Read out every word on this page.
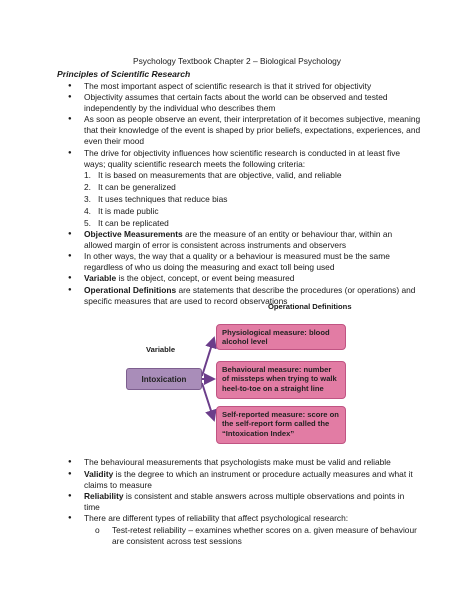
Psychology Textbook Chapter 2 – Biological Psychology
Principles of Scientific Research
● The most important aspect of scientific research is that it strived for objectivity
● Objectivity assumes that certain facts about the world can be observed and tested independently by the individual who describes them
● As soon as people observe an event, their interpretation of it becomes subjective, meaning that their knowledge of the event is shaped by prior beliefs, expectations, experiences, and even their mood
● The drive for objectivity influences how scientific research is conducted in at least five ways; quality scientific research meets the following criteria:
1. It is based on measurements that are objective, valid, and reliable
2. It can be generalized
3. It uses techniques that reduce bias
4. It is made public
5. It can be replicated
● Objective Measurements are the measure of an entity or behaviour thar, within an allowed margin of error is consistent across instruments and observers
● In other ways, the way that a quality or a behaviour is measured must be the same regardless of who us doing the measuring and exact toll being used
● Variable is the object, concept, or event being measured
● Operational Definitions are statements that describe the procedures (or operations) and specific measures that are used to record observations
Operational Definitions
Variable
Intoxication
Physiological measure: blood alcohol level
Behavioural measure: number of missteps when trying to walk heel-to-toe on a straight line
Self-reported measure: score on the self-report form called the “Intoxication Index”
● The behavioural measurements that psychologists make must be valid and reliable
● Validity is the degree to which an instrument or procedure actually measures and what it claims to measure
● Reliability is consistent and stable answers across multiple observations and points in time
● There are different types of reliability that affect psychological research:
o Test-retest reliability – examines whether scores on a. given measure of behaviour are consistent across test sessions
